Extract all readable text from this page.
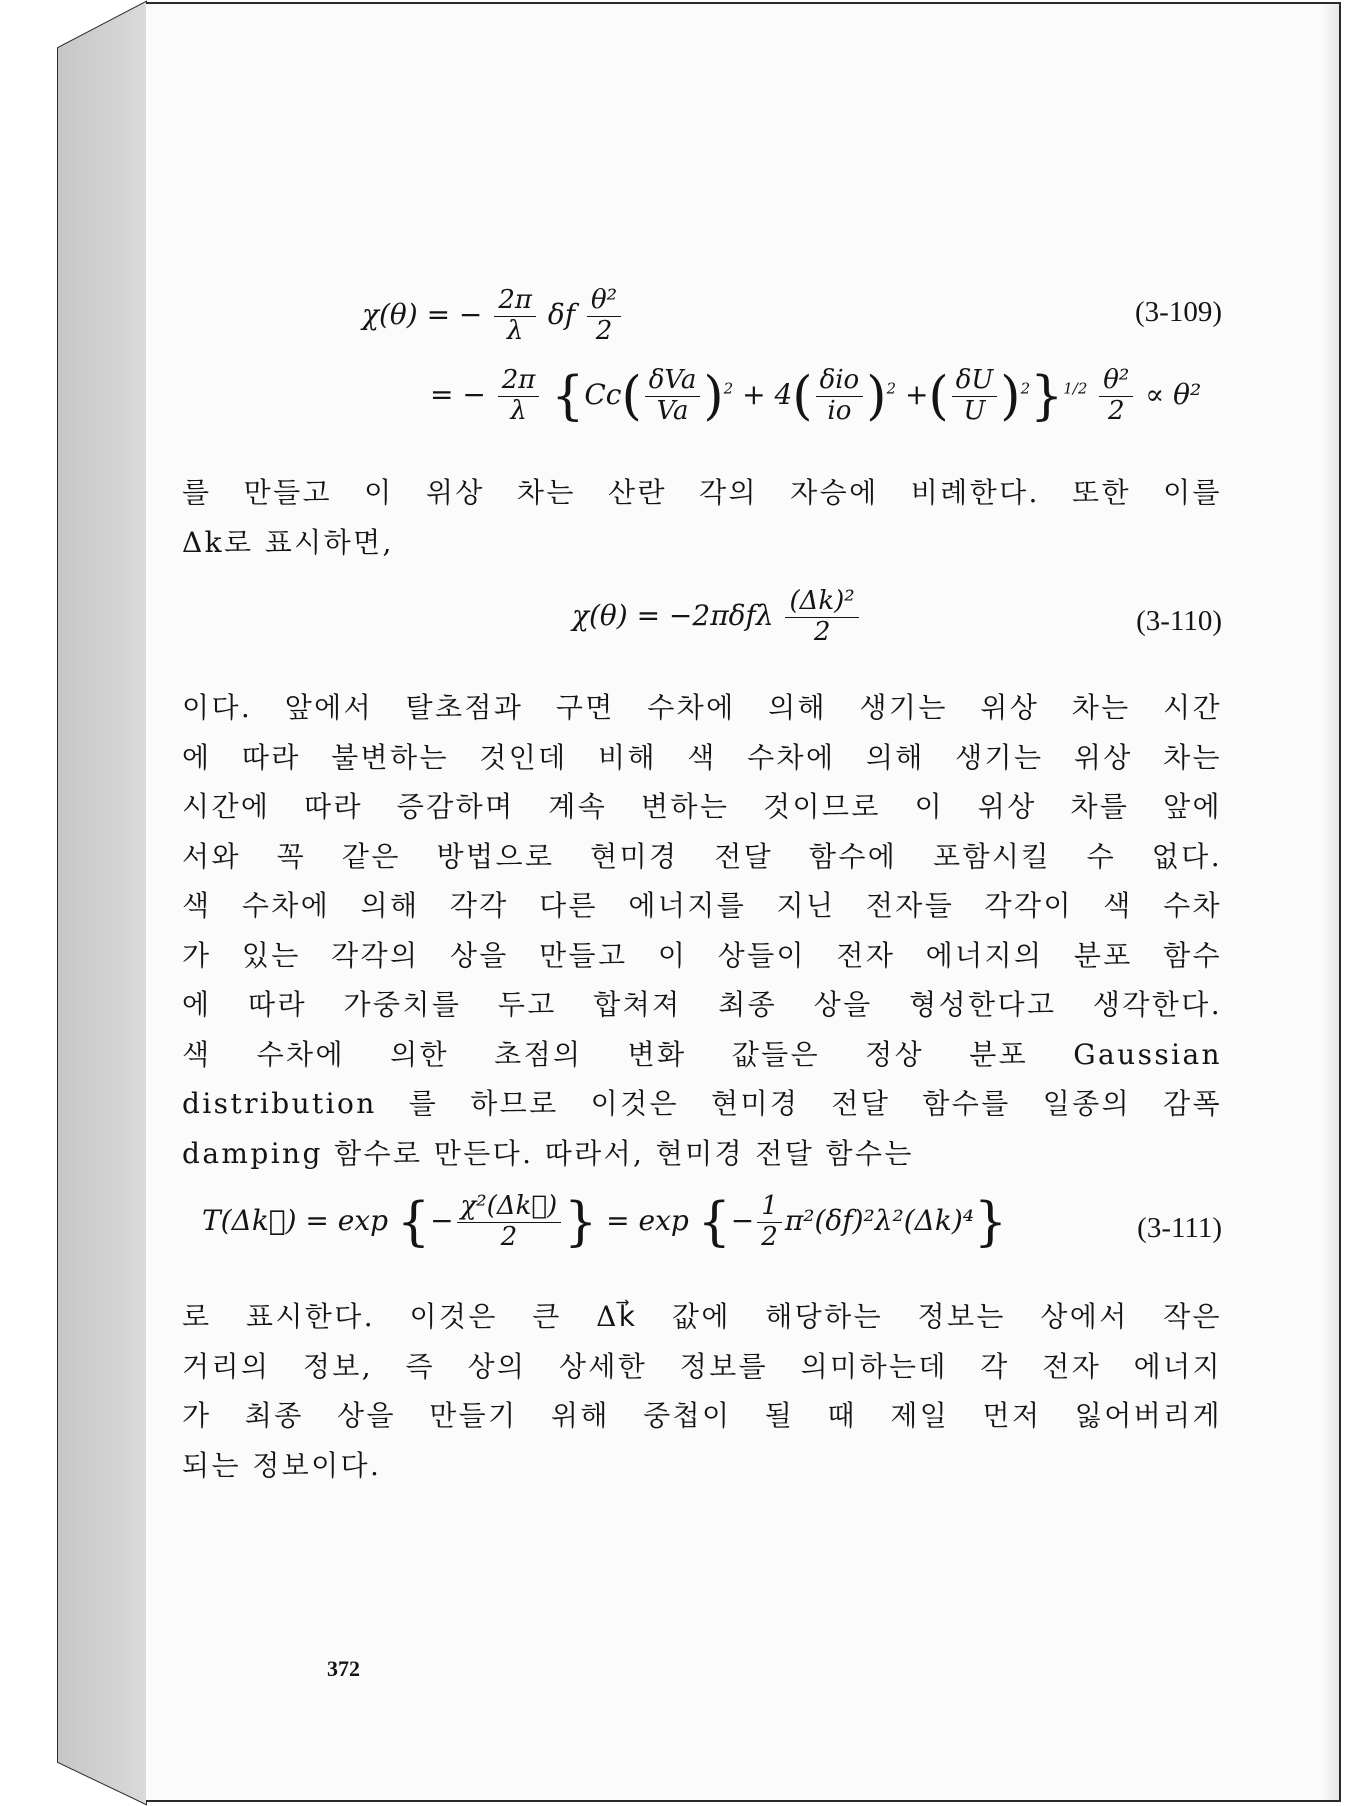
χ(θ) = − $\frac{2\pi}{\lambda}$ δf $\frac{\text{θ²}}{2}$	(3-109)
= − $\frac{2\pi}{\lambda} \{Cc( \frac{\text{δVa}}{Va} )^2 + 4( \frac{\text{δio}}{io} )^2$ +( $\frac{\delta U}{U} )^2\}^{1/2} \frac{\text{θ²}}{2} \propto \theta^2$
를 만들고 이 위상 차는 산란 각의 자승에 비례한다. 또한 이를
Δk로 표시하면,
$\chi(\theta) = -2\pi\delta f\lambda \frac{\text{(Δk)²}}{2}$	(3-110)
이다. 앞에서 탈초점과 구면 수차에 의해 생기는 위상 차는 시간
에 따라 불변하는 것인데 비해 색 수차에 의해 생기는 위상 차는
시간에 따라 증감하며 계속 변하는 것이므로 이 위상 차를 앞에
서와 꼭 같은 방법으로 현미경 전달 함수에 포함시킬 수 없다.
색 수차에 의해 각각 다른 에너지를 지닌 전자들 각각이 색 수차
가 있는 각각의 상을 만들고 이 상들이 전자 에너지의 분포 함수
에 따라 가중치를 두고 합쳐져 최종 상을 형성한다고 생각한다.
색 수차에 의한 초점의 변화 값들은 정상 분포 Gaussian
distribution 를 하므로 이것은 현미경 전달 함수를 일종의 감폭
damping 함수로 만든다. 따라서, 현미경 전달 함수는
T(Δk⃗) = exp {− $\frac{\text{χ²(Δk⃗)}}{2}$ } = exp {− $\frac{1}{2} \pi^2(\delta f)^2\lambda^2(\Delta k)^4$}	(3-111)
로 표시한다. 이것은 큰 Δk⃗ 값에 해당하는 정보는 상에서 작은
거리의 정보, 즉 상의 상세한 정보를 의미하는데 각 전자 에너지
가 최종 상을 만들기 위해 중첩이 될 때 제일 먼저 잃어버리게
되는 정보이다.
372
